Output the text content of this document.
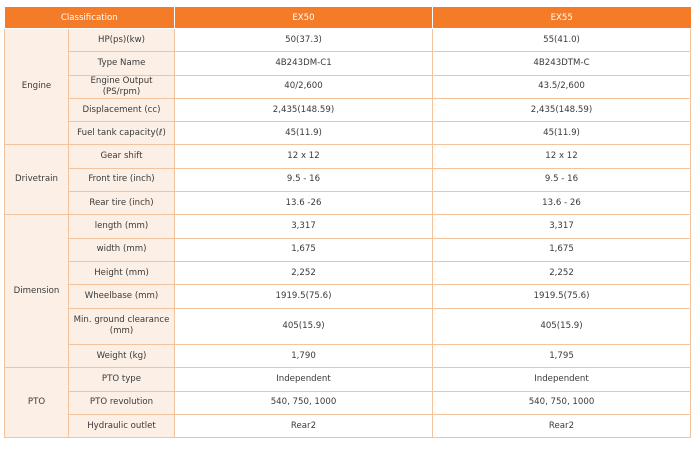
Classification		EX50	EX55
Engine	HP(ps)(kw)	50(37.3)	55(41.0)
	Type Name	4B243DM-C1	4B243DTM-C
	Engine Output (PS/rpm)	40/2,600	43.5/2,600
	Displacement (cc)	2,435(148.59)	2,435(148.59)
	Fuel tank capacity(ℓ)	45(11.9)	45(11.9)
Drivetrain	Gear shift	12 x 12	12 x 12
	Front tire (inch)	9.5 - 16	9.5 - 16
	Rear tire (inch)	13.6 -26	13.6 - 26
Dimension	length (mm)	3,317	3,317
	width (mm)	1,675	1,675
	Height (mm)	2,252	2,252
	Wheelbase (mm)	1919.5(75.6)	1919.5(75.6)
	Min. ground clearance (mm)	405(15.9)	405(15.9)
	Weight (kg)	1,790	1,795
PTO	PTO type	Independent	Independent
	PTO revolution	540, 750, 1000	540, 750, 1000
	Hydraulic outlet	Rear2	Rear2
